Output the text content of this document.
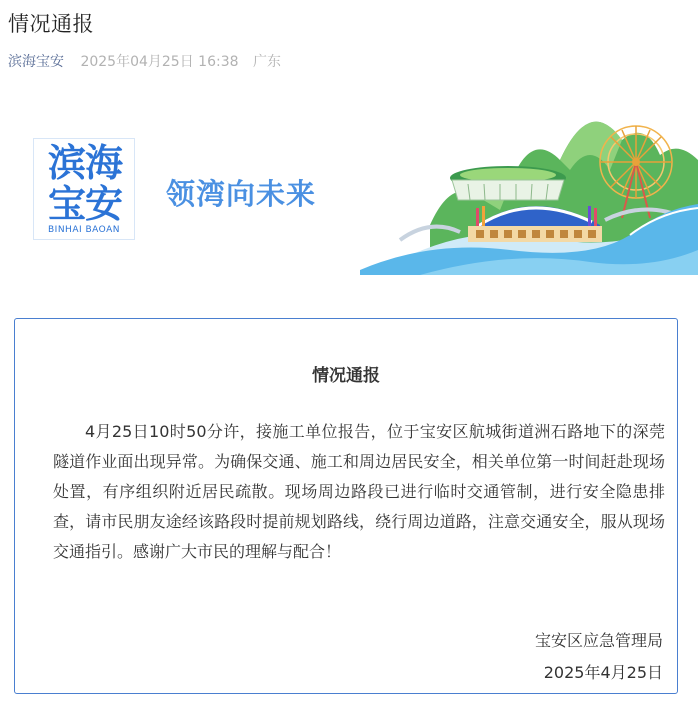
情况通报
滨海宝安 2025年04月25日 16:38 广东
滨海
宝安
BINHAI BAOAN
领湾向未来
情况通报

4月25日10时50分许，接施工单位报告，位于宝安区航城街道洲石路地下的深莞隧道作业面出现异常。为确保交通、施工和周边居民安全，相关单位第一时间赶赴现场处置，有序组织附近居民疏散。现场周边路段已进行临时交通管制，进行安全隐患排查，请市民朋友途经该路段时提前规划路线，绕行周边道路，注意交通安全，服从现场交通指引。感谢广大市民的理解与配合！

宝安区应急管理局
2025年4月25日
